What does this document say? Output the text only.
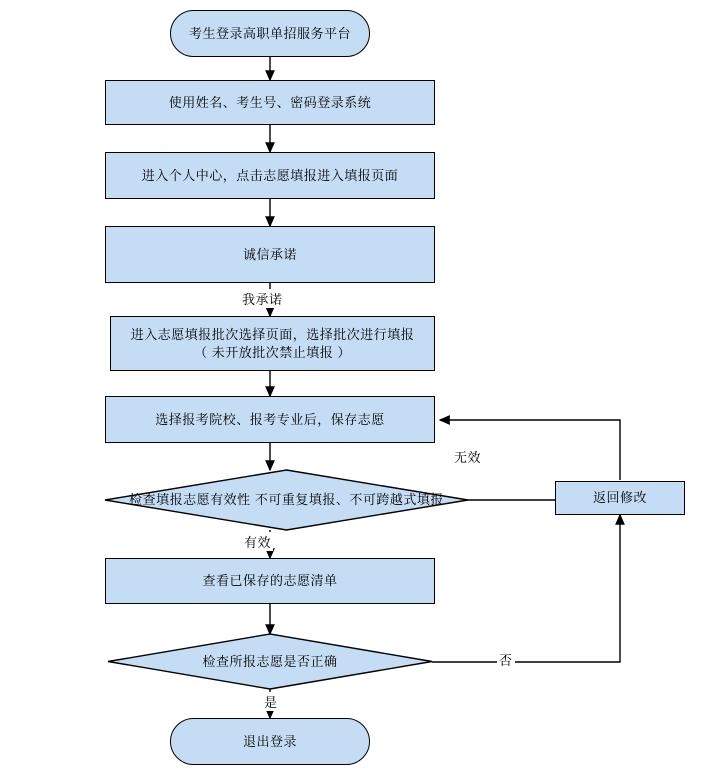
考生登录高职单招服务平台
使用姓名、考生号、密码登录系统
进入个人中心，点击志愿填报进入填报页面
诚信承诺
进入志愿填报批次选择页面，选择批次进行填报
（ 未开放批次禁止填报 ）
选择报考院校、报考专业后，保存志愿
检查填报志愿有效性 不可重复填报、不可跨越式填报
查看已保存的志愿清单
检查所报志愿是否正确
返回修改
退出登录
我承诺
无效
有效
否
是
